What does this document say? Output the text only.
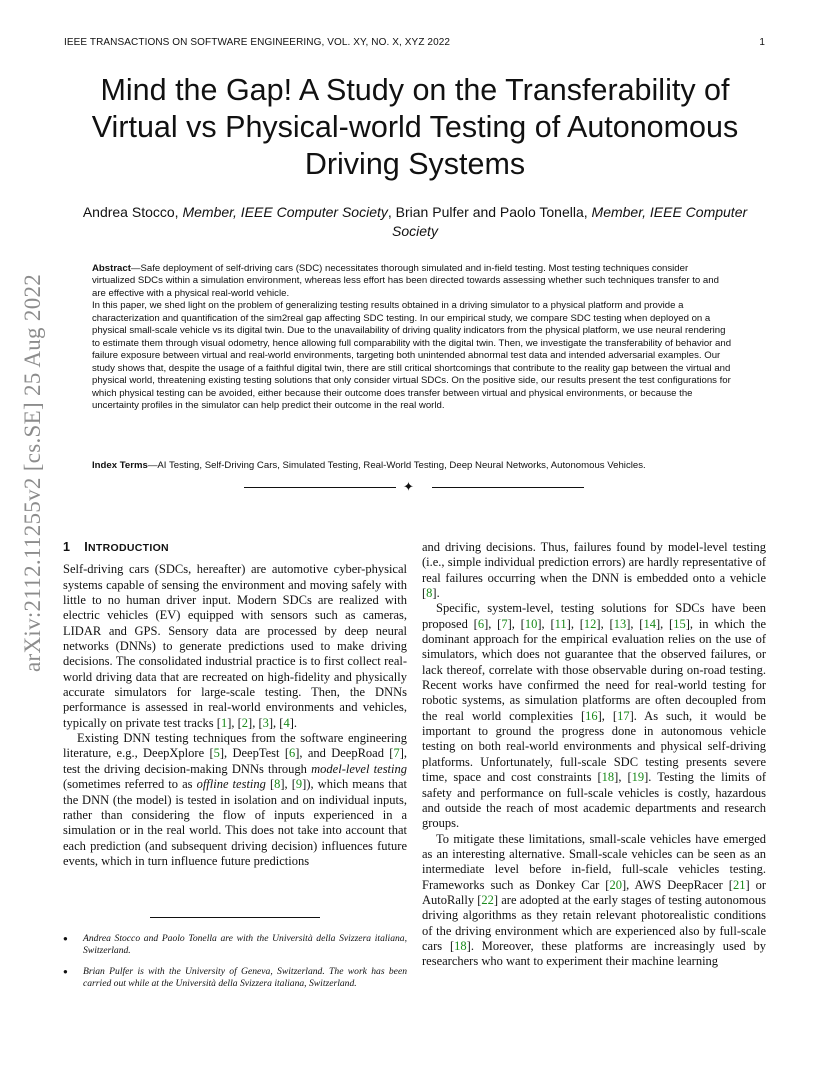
IEEE TRANSACTIONS ON SOFTWARE ENGINEERING, VOL. XY, NO. X, XYZ 2022	1
arXiv:2112.11255v2 [cs.SE] 25 Aug 2022
Mind the Gap! A Study on the Transferability of Virtual vs Physical-world Testing of Autonomous Driving Systems
Andrea Stocco, Member, IEEE Computer Society, Brian Pulfer and Paolo Tonella, Member, IEEE Computer Society

Abstract—Safe deployment of self-driving cars (SDC) necessitates thorough simulated and in-field testing. Most testing techniques consider virtualized SDCs within a simulation environment, whereas less effort has been directed towards assessing whether such techniques transfer to and are effective with a physical real-world vehicle.

In this paper, we shed light on the problem of generalizing testing results obtained in a driving simulator to a physical platform and provide a characterization and quantification of the sim2real gap affecting SDC testing. In our empirical study, we compare SDC testing when deployed on a physical small-scale vehicle vs its digital twin. Due to the unavailability of driving quality indicators from the physical platform, we use neural rendering to estimate them through visual odometry, hence allowing full comparability with the digital twin. Then, we investigate the transferability of behavior and failure exposure between virtual and real-world environments, targeting both unintended abnormal test data and intended adversarial examples. Our study shows that, despite the usage of a faithful digital twin, there are still critical shortcomings that contribute to the reality gap between the virtual and physical world, threatening existing testing solutions that only consider virtual SDCs. On the positive side, our results present the test configurations for which physical testing can be avoided, either because their outcome does transfer between virtual and physical environments, or because the uncertainty profiles in the simulator can help predict their outcome in the real world.

Index Terms—AI Testing, Self-Driving Cars, Simulated Testing, Real-World Testing, Deep Neural Networks, Autonomous Vehicles.
✦
1 INTRODUCTION

Self-driving cars (SDCs, hereafter) are automotive cyber-physical systems capable of sensing the environment and moving safely with little to no human driver input. Modern SDCs are realized with electric vehicles (EV) equipped with sensors such as cameras, LIDAR and GPS. Sensory data are processed by deep neural networks (DNNs) to generate predictions used to make driving decisions. The consolidated industrial practice is to first collect real-world driving data that are recreated on high-fidelity and physically accurate simulators for large-scale testing. Then, the DNNs performance is assessed in real-world environments and vehicles, typically on private test tracks [1], [2], [3], [4].

Existing DNN testing techniques from the software engineering literature, e.g., DeepXplore [5], DeepTest [6], and DeepRoad [7], test the driving decision-making DNNs through model-level testing (sometimes referred to as offline testing [8], [9]), which means that the DNN (the model) is tested in isolation and on individual inputs, rather than considering the flow of inputs experienced in a simulation or in the real world. This does not take into account that each prediction (and subsequent driving decision) influences future events, which in turn influence future predictions

● Andrea Stocco and Paolo Tonella are with the Università della Svizzera italiana, Switzerland.
● Brian Pulfer is with the University of Geneva, Switzerland. The work has been carried out while at the Università della Svizzera italiana, Switzerland.

and driving decisions. Thus, failures found by model-level testing (i.e., simple individual prediction errors) are hardly representative of real failures occurring when the DNN is embedded onto a vehicle [8].

Specific, system-level, testing solutions for SDCs have been proposed [6], [7], [10], [11], [12], [13], [14], [15], in which the dominant approach for the empirical evaluation relies on the use of simulators, which does not guarantee that the observed failures, or lack thereof, correlate with those observable during on-road testing. Recent works have confirmed the need for real-world testing for robotic systems, as simulation platforms are often decoupled from the real world complexities [16], [17]. As such, it would be important to ground the progress done in autonomous vehicle testing on both real-world environments and physical self-driving platforms. Unfortunately, full-scale SDC testing presents severe time, space and cost constraints [18], [19]. Testing the limits of safety and performance on full-scale vehicles is costly, hazardous and outside the reach of most academic departments and research groups.

To mitigate these limitations, small-scale vehicles have emerged as an interesting alternative. Small-scale vehicles can be seen as an intermediate level before in-field, full-scale vehicles testing. Frameworks such as Donkey Car [20], AWS DeepRacer [21] or AutoRally [22] are adopted at the early stages of testing autonomous driving algorithms as they retain relevant photorealistic conditions of the driving environment which are experienced also by full-scale cars [18]. Moreover, these platforms are increasingly used by researchers who want to experiment their machine learning
